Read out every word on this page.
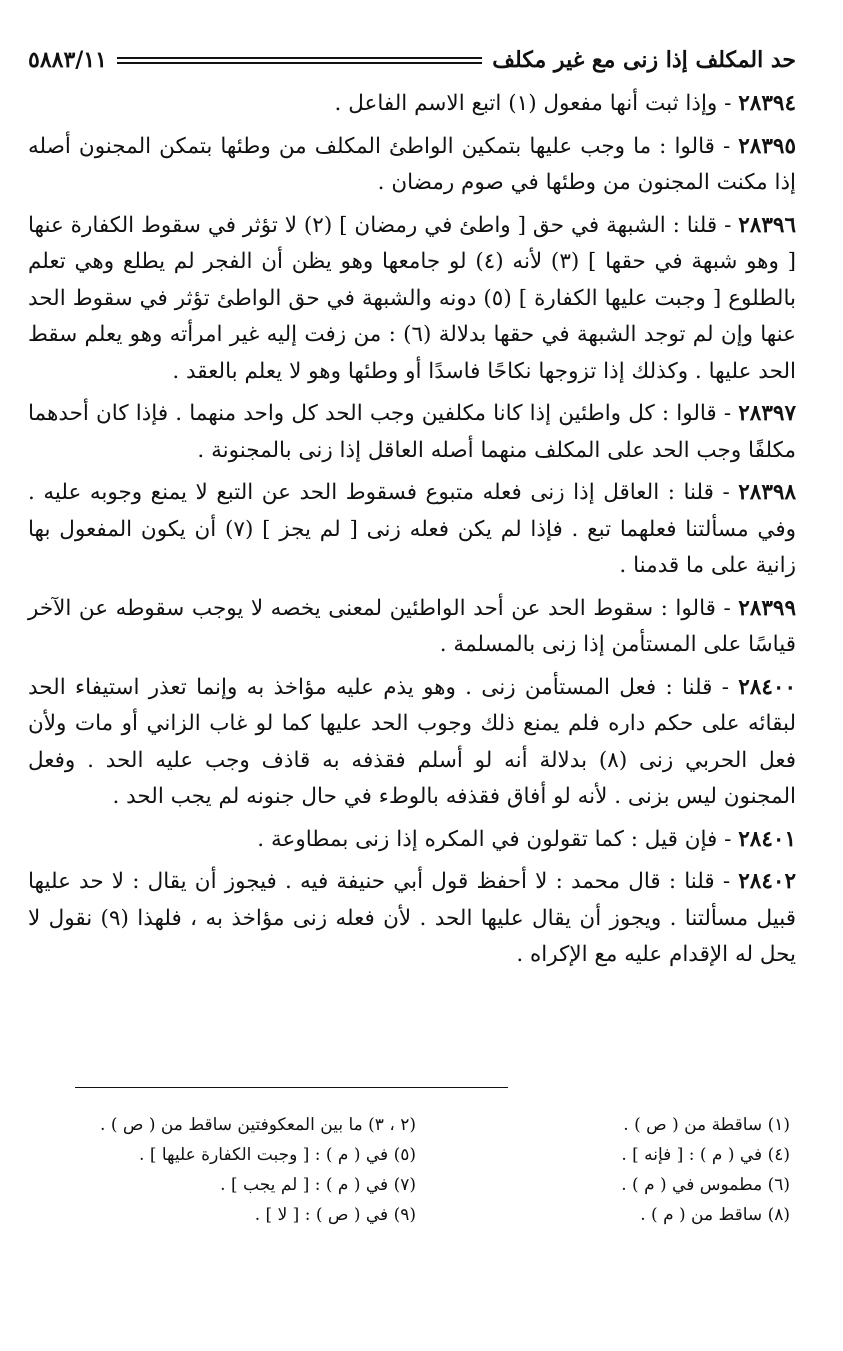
حد المكلف إذا زنى مع غير مكلف
٥٨٨٣/١١

٢٨٣٩٤ - وإذا ثبت أنها مفعول (١) اتبع الاسم الفاعل .

٢٨٣٩٥ - قالوا : ما وجب عليها بتمكين الواطئ المكلف من وطئها بتمكن المجنون أصله إذا مكنت المجنون من وطئها في صوم رمضان .

٢٨٣٩٦ - قلنا : الشبهة في حق [ واطئ في رمضان ] (٢) لا تؤثر في سقوط الكفارة عنها [ وهو شبهة في حقها ] (٣) لأنه (٤) لو جامعها وهو يظن أن الفجر لم يطلع وهي تعلم بالطلوع [ وجبت عليها الكفارة ] (٥) دونه والشبهة في حق الواطئ تؤثر في سقوط الحد عنها وإن لم توجد الشبهة في حقها بدلالة (٦) : من زفت إليه غير امرأته وهو يعلم سقط الحد عليها . وكذلك إذا تزوجها نكاحًا فاسدًا أو وطئها وهو لا يعلم بالعقد .

٢٨٣٩٧ - قالوا : كل واطئين إذا كانا مكلفين وجب الحد كل واحد منهما . فإذا كان أحدهما مكلفًا وجب الحد على المكلف منهما أصله العاقل إذا زنى بالمجنونة .

٢٨٣٩٨ - قلنا : العاقل إذا زنى فعله متبوع فسقوط الحد عن التبع لا يمنع وجوبه عليه . وفي مسألتنا فعلهما تبع . فإذا لم يكن فعله زنى [ لم يجز ] (٧) أن يكون المفعول بها زانية على ما قدمنا .

٢٨٣٩٩ - قالوا : سقوط الحد عن أحد الواطئين لمعنى يخصه لا يوجب سقوطه عن الآخر قياسًا على المستأمن إذا زنى بالمسلمة .

٢٨٤٠٠ - قلنا : فعل المستأمن زنى . وهو يذم عليه مؤاخذ به وإنما تعذر استيفاء الحد لبقائه على حكم داره فلم يمنع ذلك وجوب الحد عليها كما لو غاب الزاني أو مات ولأن فعل الحربي زنى (٨) بدلالة أنه لو أسلم فقذفه به قاذف وجب عليه الحد . وفعل المجنون ليس بزنى . لأنه لو أفاق فقذفه بالوطء في حال جنونه لم يجب الحد .

٢٨٤٠١ - فإن قيل : كما تقولون في المكره إذا زنى بمطاوعة .

٢٨٤٠٢ - قلنا : قال محمد : لا أحفظ قول أبي حنيفة فيه . فيجوز أن يقال : لا حد عليها قبيل مسألتنا . ويجوز أن يقال عليها الحد . لأن فعله زنى مؤاخذ به ، فلهذا (٩) نقول لا يحل له الإقدام عليه مع الإكراه .

(١) ساقطة من ( ص ) .
(٢ ، ٣) ما بين المعكوفتين ساقط من ( ص ) .
(٤) في ( م ) : [ فإنه ] .
(٥) في ( م ) : [ وجبت الكفارة عليها ] .
(٦) مطموس في ( م ) .
(٧) في ( م ) : [ لم يجب ] .
(٨) ساقط من ( م ) .
(٩) في ( ص ) : [ لا ] .
